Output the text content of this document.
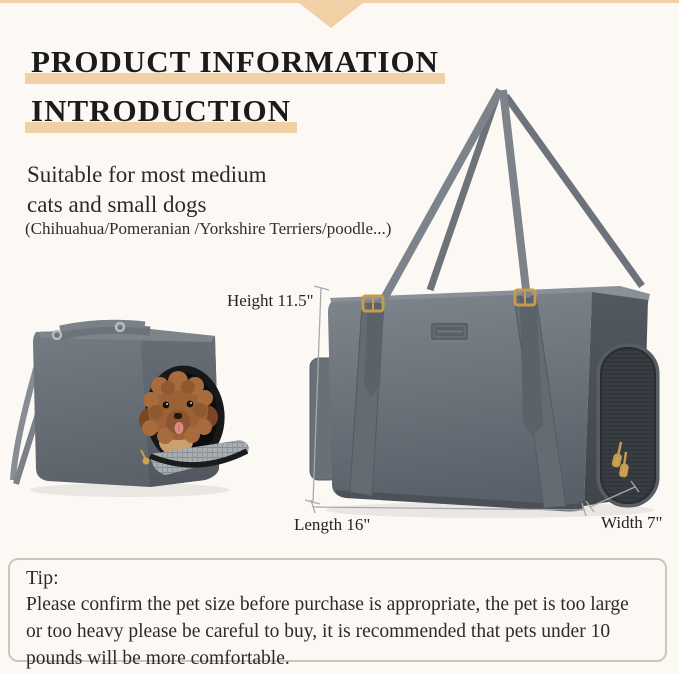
PRODUCT INFORMATION
INTRODUCTION
Suitable for most medium
cats and small dogs
(Chihuahua/Pomeranian /Yorkshire Terriers/poodle...)
Height 11.5"
Length 16"	Width 7"
Tip:
Please confirm the pet size before purchase is appropriate, the pet is too large or too heavy please be careful to buy, it is recommended that pets under 10 pounds will be more comfortable.
